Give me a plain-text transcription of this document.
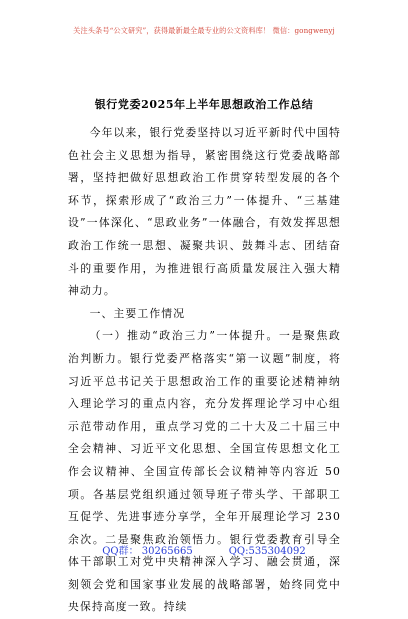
关注头条号“公文研究”，获得最新最全最专业的公文资料库！ 微信：gongwenyj
银行党委2025年上半年思想政治工作总结

今年以来，银行党委坚持以习近平新时代中国特色社会主义思想为指导，紧密围绕这行党委战略部署，坚持把做好思想政治工作贯穿转型发展的各个环节，探索形成了“政治三力”一体提升、“三基建设”一体深化、“思政业务”一体融合，有效发挥思想政治工作统一思想、凝聚共识、鼓舞斗志、团结奋斗的重要作用，为推进银行高质量发展注入强大精神动力。

一、主要工作情况

（一）推动“政治三力”一体提升。一是聚焦政治判断力。银行党委严格落实“第一议题”制度，将习近平总书记关于思想政治工作的重要论述精神纳入理论学习的重点内容，充分发挥理论学习中心组示范带动作用，重点学习党的二十大及二十届三中全会精神、习近平文化思想、全国宣传思想文化工作会议精神、全国宣传部长会议精神等内容近 50项。各基层党组织通过领导班子带头学、干部职工互促学、先进事迹分享学，全年开展理论学习 230余次。二是聚焦政治领悟力。银行党委教育引导全体干部职工对党中央精神深入学习、融会贯通，深刻领会党和国家事业发展的战略部署，始终同党中央保持高度一致。持续

QQ群： 30265665	QQ:535304092
